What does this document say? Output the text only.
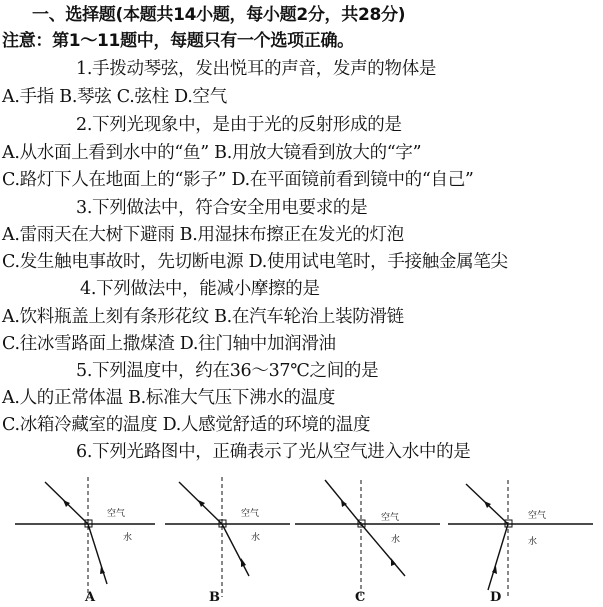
一、选择题(本题共14小题，每小题2分，共28分)
注意：第1～11题中，每题只有一个选项正确。
1.手拨动琴弦，发出悦耳的声音，发声的物体是
A.手指 B.琴弦 C.弦柱 D.空气
2.下列光现象中，是由于光的反射形成的是
A.从水面上看到水中的“鱼” B.用放大镜看到放大的“字”
C.路灯下人在地面上的“影子” D.在平面镜前看到镜中的“自己”
3.下列做法中，符合安全用电要求的是
A.雷雨天在大树下避雨 B.用湿抹布擦正在发光的灯泡
C.发生触电事故时，先切断电源 D.使用试电笔时，手接触金属笔尖
4.下列做法中，能减小摩擦的是
A.饮料瓶盖上刻有条形花纹 B.在汽车轮治上装防滑链
C.往冰雪路面上撒煤渣 D.往门轴中加润滑油
5.下列温度中，约在36～37℃之间的是
A.人的正常体温 B.标准大气压下沸水的温度
C.冰箱冷藏室的温度 D.人感觉舒适的环境的温度
6.下列光路图中，正确表示了光从空气进入水中的是
空气
水
A
空气
水
B
空气
水
C
空气
水
D
